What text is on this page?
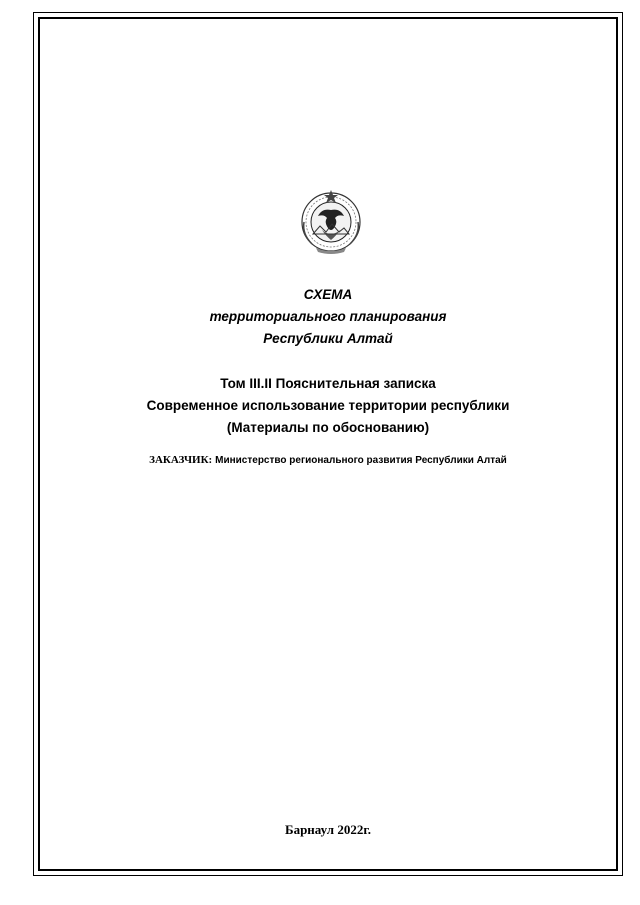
СХЕМА
территориального планирования
Республики Алтай
Том III.II Пояснительная записка
Современное использование территории республики
(Материалы по обоснованию)
ЗАКАЗЧИК: Министерство регионального развития Республики Алтай
Барнаул 2022г.
